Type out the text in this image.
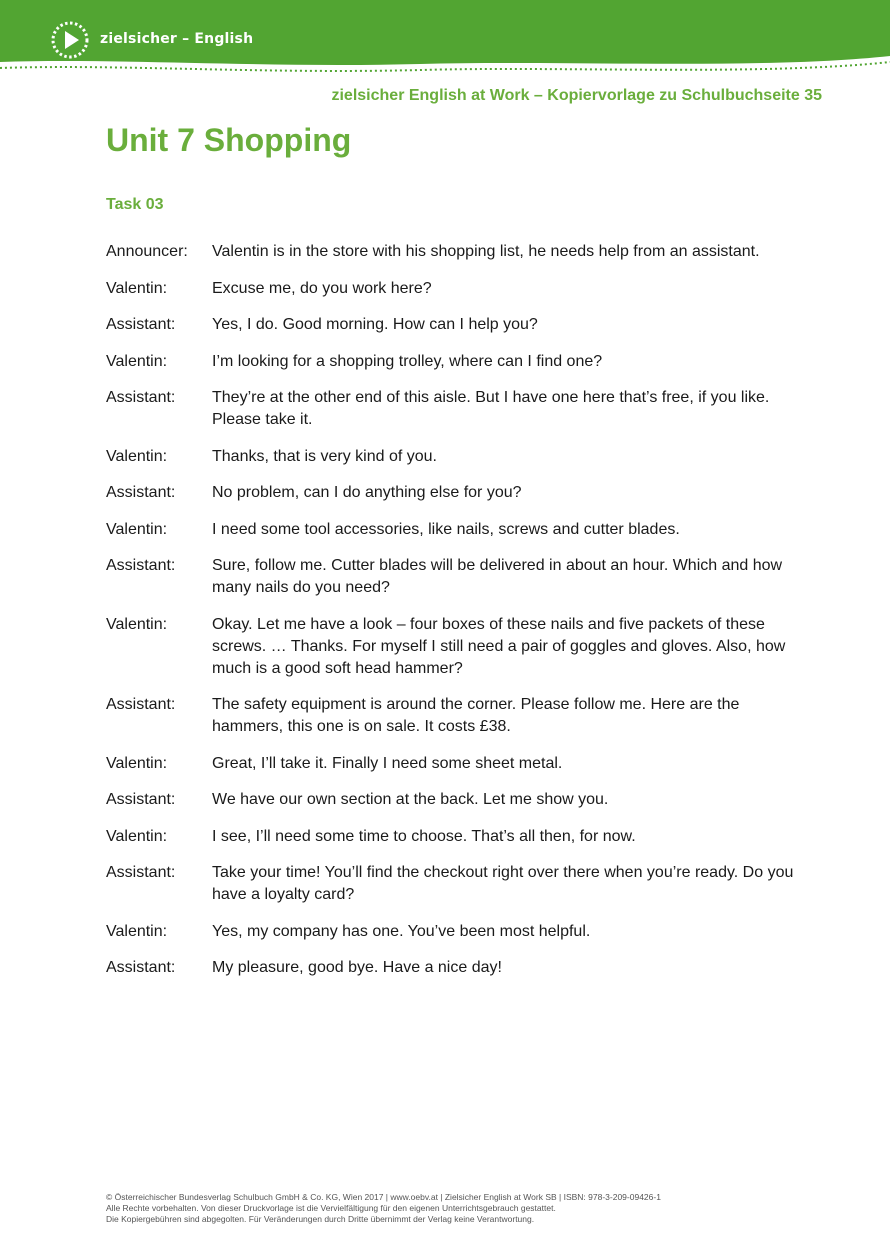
zielsicher – English
zielsicher English at Work – Kopiervorlage zu Schulbuchseite 35
Unit 7 Shopping
Task 03
Announcer:	Valentin is in the store with his shopping list, he needs help from an assistant.
Valentin:	Excuse me, do you work here?
Assistant:	Yes, I do. Good morning. How can I help you?
Valentin:	I’m looking for a shopping trolley, where can I find one?
Assistant:	They’re at the other end of this aisle. But I have one here that’s free, if you like. Please take it.
Valentin:	Thanks, that is very kind of you.
Assistant:	No problem, can I do anything else for you?
Valentin:	I need some tool accessories, like nails, screws and cutter blades.
Assistant:	Sure, follow me. Cutter blades will be delivered in about an hour. Which and how many nails do you need?
Valentin:	Okay. Let me have a look – four boxes of these nails and five packets of these screws. … Thanks. For myself I still need a pair of goggles and gloves. Also, how much is a good soft head hammer?
Assistant:	The safety equipment is around the corner. Please follow me. Here are the hammers, this one is on sale. It costs £38.
Valentin:	Great, I’ll take it. Finally I need some sheet metal.
Assistant:	We have our own section at the back. Let me show you.
Valentin:	I see, I’ll need some time to choose. That’s all then, for now.
Assistant:	Take your time! You’ll find the checkout right over there when you’re ready. Do you have a loyalty card?
Valentin:	Yes, my company has one. You’ve been most helpful.
Assistant:	My pleasure, good bye. Have a nice day!
© Österreichischer Bundesverlag Schulbuch GmbH & Co. KG, Wien 2017 | www.oebv.at | Zielsicher English at Work SB | ISBN: 978-3-209-09426-1
Alle Rechte vorbehalten. Von dieser Druckvorlage ist die Vervielfältigung für den eigenen Unterrichtsgebrauch gestattet.
Die Kopiergebühren sind abgegolten. Für Veränderungen durch Dritte übernimmt der Verlag keine Verantwortung.
